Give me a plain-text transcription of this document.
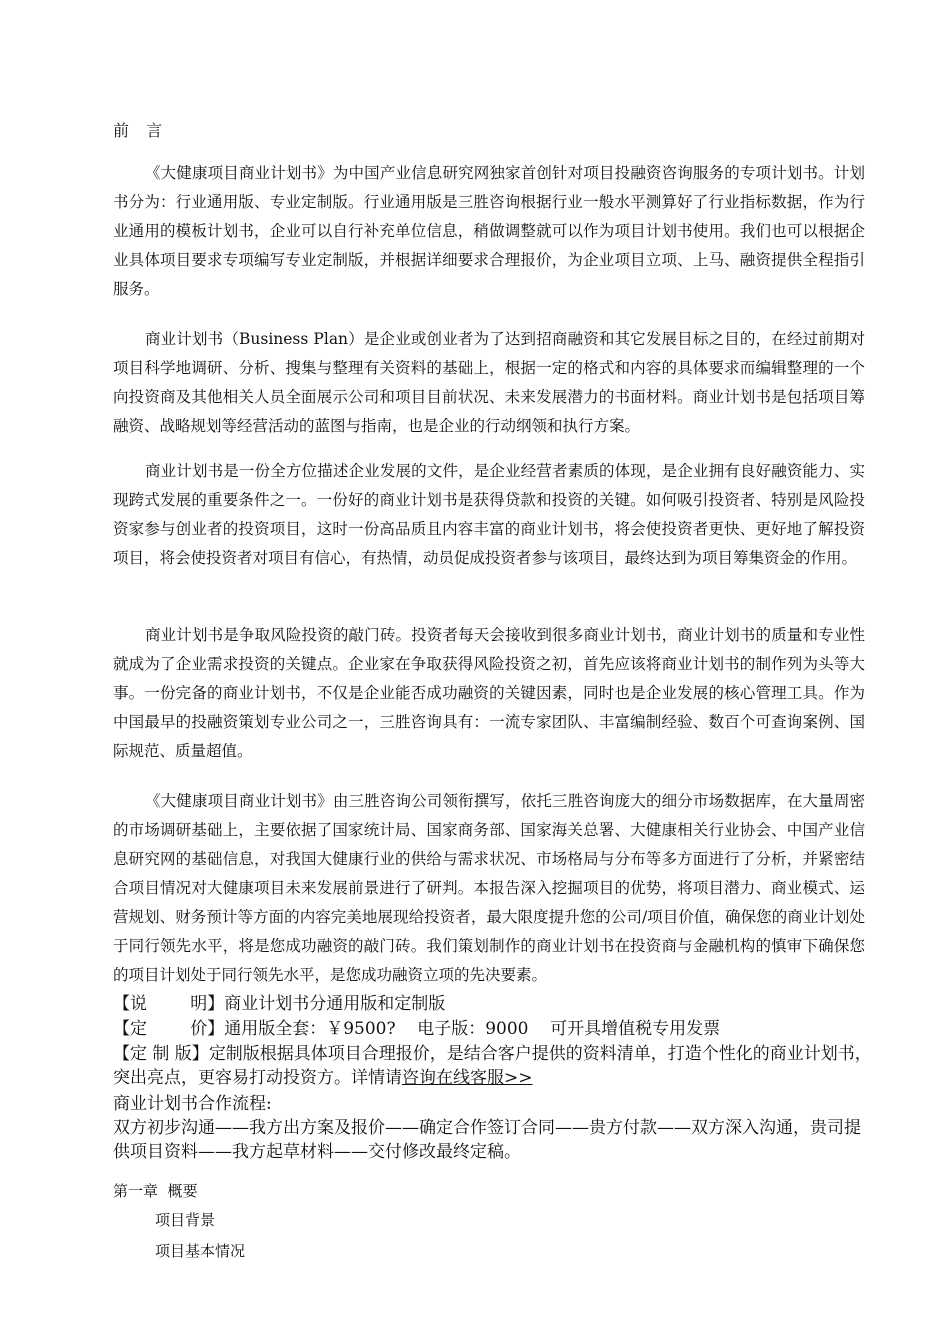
前 言

《大健康项目商业计划书》为中国产业信息研究网独家首创针对项目投融资咨询服务的专项计划书。计划书分为：行业通用版、专业定制版。行业通用版是三胜咨询根据行业一般水平测算好了行业指标数据，作为行业通用的模板计划书，企业可以自行补充单位信息，稍做调整就可以作为项目计划书使用。我们也可以根据企业具体项目要求专项编写专业定制版，并根据详细要求合理报价，为企业项目立项、上马、融资提供全程指引服务。

商业计划书（Business Plan）是企业或创业者为了达到招商融资和其它发展目标之目的，在经过前期对项目科学地调研、分析、搜集与整理有关资料的基础上，根据一定的格式和内容的具体要求而编辑整理的一个向投资商及其他相关人员全面展示公司和项目目前状况、未来发展潜力的书面材料。商业计划书是包括项目筹融资、战略规划等经营活动的蓝图与指南，也是企业的行动纲领和执行方案。

商业计划书是一份全方位描述企业发展的文件，是企业经营者素质的体现，是企业拥有良好融资能力、实现跨式发展的重要条件之一。一份好的商业计划书是获得贷款和投资的关键。如何吸引投资者、特别是风险投资家参与创业者的投资项目，这时一份高品质且内容丰富的商业计划书，将会使投资者更快、更好地了解投资项目，将会使投资者对项目有信心，有热情，动员促成投资者参与该项目，最终达到为项目筹集资金的作用。

商业计划书是争取风险投资的敲门砖。投资者每天会接收到很多商业计划书，商业计划书的质量和专业性就成为了企业需求投资的关键点。企业家在争取获得风险投资之初，首先应该将商业计划书的制作列为头等大事。一份完备的商业计划书，不仅是企业能否成功融资的关键因素，同时也是企业发展的核心管理工具。作为中国最早的投融资策划专业公司之一，三胜咨询具有：一流专家团队、丰富编制经验、数百个可查询案例、国际规范、质量超值。

《大健康项目商业计划书》由三胜咨询公司领衔撰写，依托三胜咨询庞大的细分市场数据库，在大量周密的市场调研基础上，主要依据了国家统计局、国家商务部、国家海关总署、大健康相关行业协会、中国产业信息研究网的基础信息，对我国大健康行业的供给与需求状况、市场格局与分布等多方面进行了分析，并紧密结合项目情况对大健康项目未来发展前景进行了研判。本报告深入挖掘项目的优势，将项目潜力、商业模式、运营规划、财务预计等方面的内容完美地展现给投资者，最大限度提升您的公司/项目价值，确保您的商业计划处于同行领先水平，将是您成功融资的敲门砖。我们策划制作的商业计划书在投资商与金融机构的慎审下确保您的项目计划处于同行领先水平，是您成功融资立项的先决要素。

【说        明】商业计划书分通用版和定制版

【定        价】通用版全套：￥9500?    电子版：9000    可开具增值税专用发票

【定 制 版】定制版根据具体项目合理报价，是结合客户提供的资料清单，打造个性化的商业计划书，突出亮点，更容易打动投资方。详情请咨询在线客服>>

商业计划书合作流程:

双方初步沟通——我方出方案及报价——确定合作签订合同——贵方付款——双方深入沟通，贵司提供项目资料——我方起草材料——交付修改最终定稿。

第一章  概要
项目背景
项目基本情况
